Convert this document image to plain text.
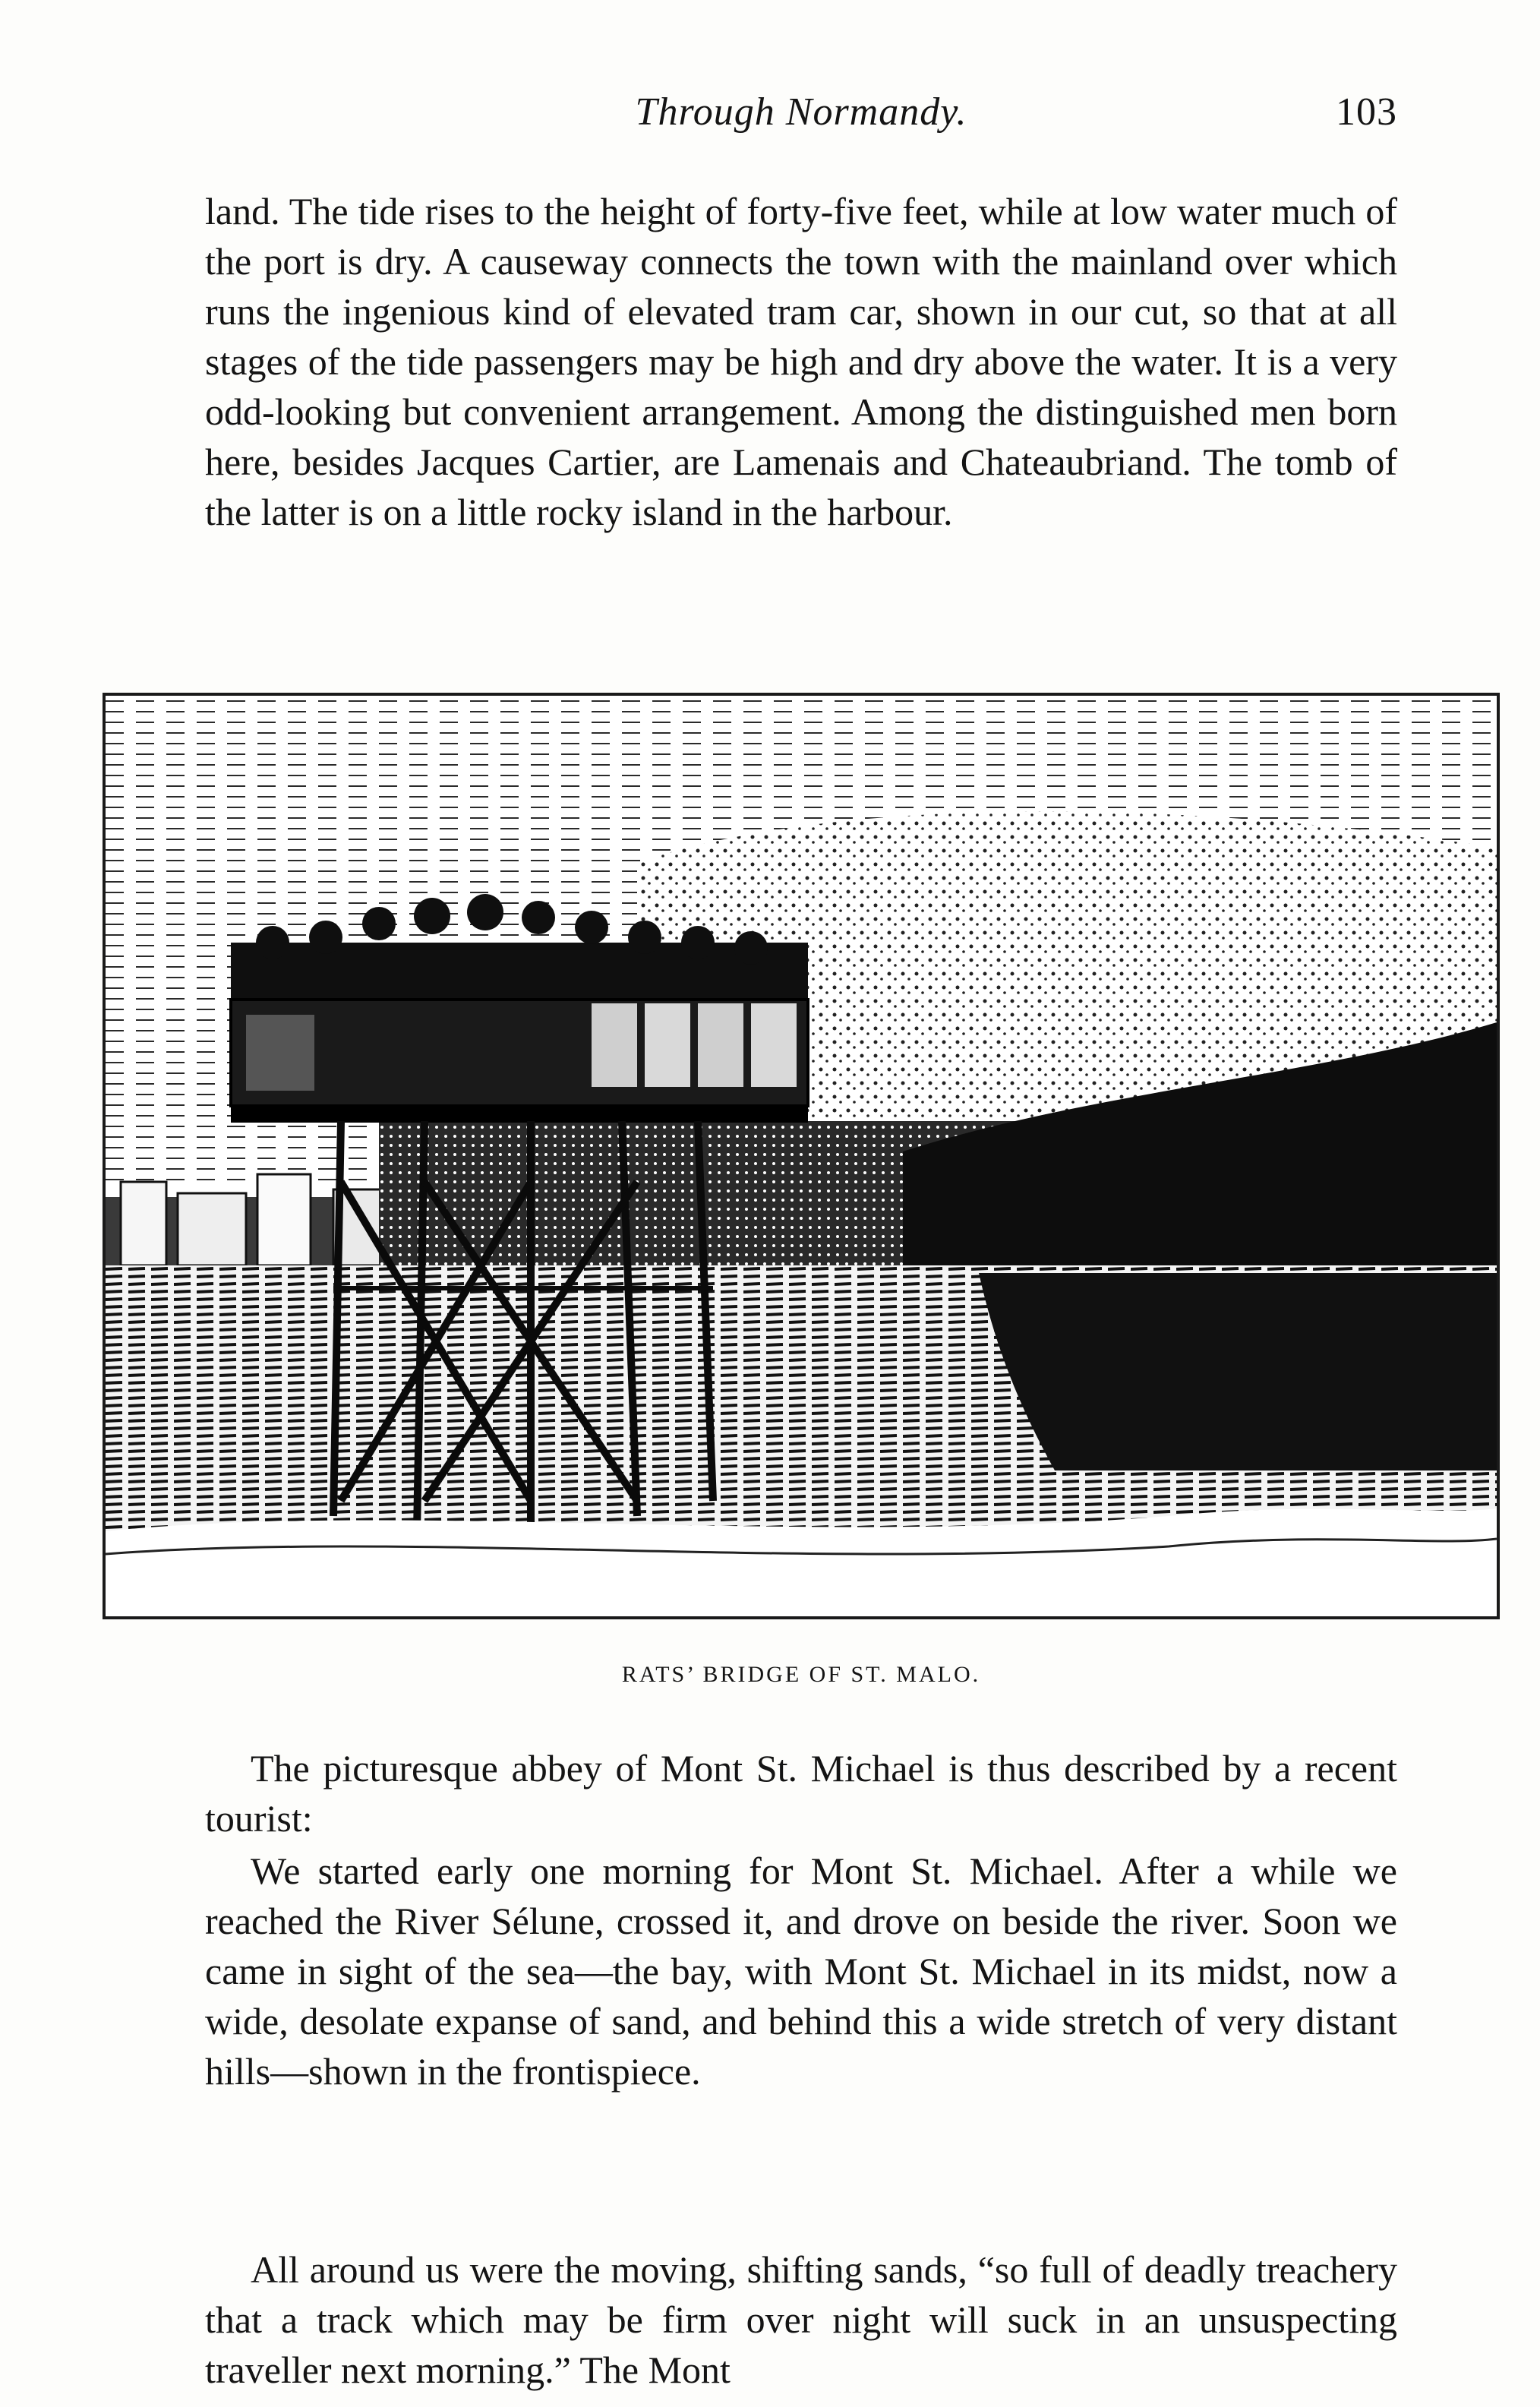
Through Normandy.	103

land. The tide rises to the height of forty-five feet, while at low water much of the port is dry. A causeway connects the town with the mainland over which runs the ingenious kind of elevated tram car, shown in our cut, so that at all stages of the tide passengers may be high and dry above the water. It is a very odd-looking but convenient arrangement. Among the distinguished men born here, besides Jacques Cartier, are Lamenais and Chateaubriand. The tomb of the latter is on a little rocky island in the harbour.

RATS’ BRIDGE OF ST. MALO.

The picturesque abbey of Mont St. Michael is thus described by a recent tourist:

We started early one morning for Mont St. Michael. After a while we reached the River Sélune, crossed it, and drove on beside the river. Soon we came in sight of the sea—the bay, with Mont St. Michael in its midst, now a wide, desolate expanse of sand, and behind this a wide stretch of very distant hills—shown in the frontispiece.

All around us were the moving, shifting sands, “so full of deadly treachery that a track which may be firm over night will suck in an unsuspecting traveller next morning.” The Mont
